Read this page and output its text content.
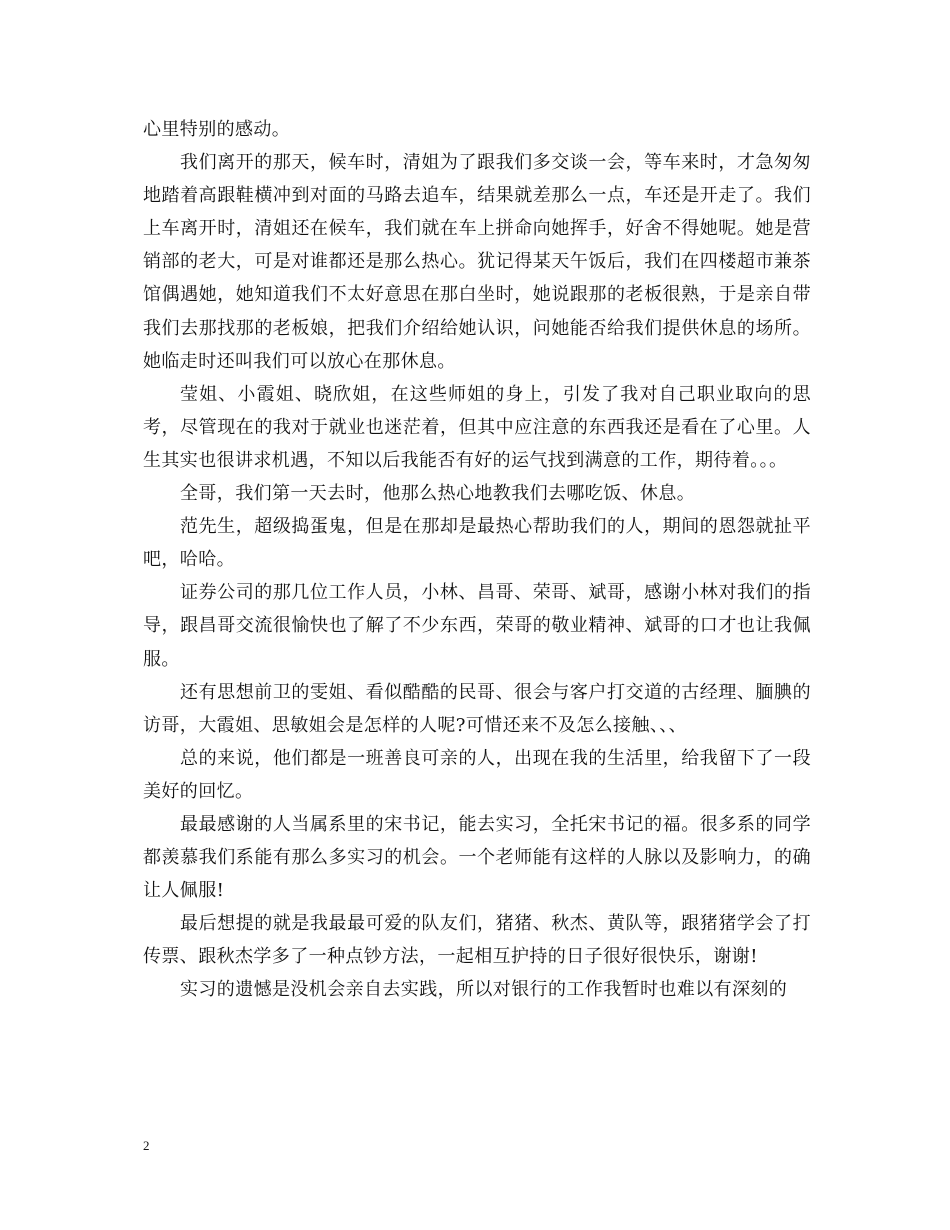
心里特别的感动。

我们离开的那天，候车时，清姐为了跟我们多交谈一会，等车来时，才急匆匆地踏着高跟鞋横冲到对面的马路去追车，结果就差那么一点，车还是开走了。我们上车离开时，清姐还在候车，我们就在车上拼命向她挥手，好舍不得她呢。她是营销部的老大，可是对谁都还是那么热心。犹记得某天午饭后，我们在四楼超市兼茶馆偶遇她，她知道我们不太好意思在那白坐时，她说跟那的老板很熟，于是亲自带我们去那找那的老板娘，把我们介绍给她认识，问她能否给我们提供休息的场所。她临走时还叫我们可以放心在那休息。

莹姐、小霞姐、晓欣姐，在这些师姐的身上，引发了我对自己职业取向的思考，尽管现在的我对于就业也迷茫着，但其中应注意的东西我还是看在了心里。人生其实也很讲求机遇，不知以后我能否有好的运气找到满意的工作，期待着。。。

全哥，我们第一天去时，他那么热心地教我们去哪吃饭、休息。

范先生，超级捣蛋鬼，但是在那却是最热心帮助我们的人，期间的恩怨就扯平吧，哈哈。

证券公司的那几位工作人员，小林、昌哥、荣哥、斌哥，感谢小林对我们的指导，跟昌哥交流很愉快也了解了不少东西，荣哥的敬业精神、斌哥的口才也让我佩服。

还有思想前卫的雯姐、看似酷酷的民哥、很会与客户打交道的古经理、腼腆的访哥，大霞姐、思敏姐会是怎样的人呢?可惜还来不及怎么接触、、、

总的来说，他们都是一班善良可亲的人，出现在我的生活里，给我留下了一段美好的回忆。

最最感谢的人当属系里的宋书记，能去实习，全托宋书记的福。很多系的同学都羡慕我们系能有那么多实习的机会。一个老师能有这样的人脉以及影响力，的确让人佩服!

最后想提的就是我最最可爱的队友们，猪猪、秋杰、黄队等，跟猪猪学会了打传票、跟秋杰学多了一种点钞方法，一起相互护持的日子很好很快乐，谢谢!

实习的遗憾是没机会亲自去实践，所以对银行的工作我暂时也难以有深刻的

2
